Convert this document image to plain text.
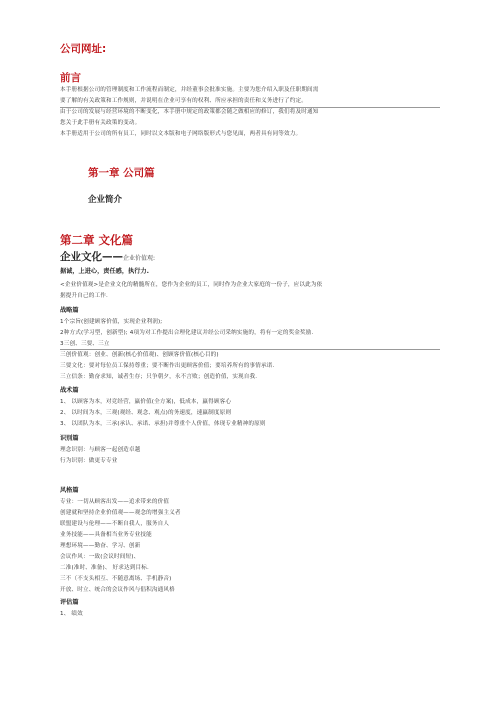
公司网址:
前言
本手册根据公司的管理制度和工作流程而制定，并经董事会批准实施。主要为您介绍入职及任职期间需
要了解的有关政策和工作规则，并说明在企业可享有的权利、所应承担的责任和义务进行了约定。
由于公司的发展与经营环境的不断变化，本手册中规定的政策都会随之做相应的修订，我们将及时通知
您关于此手册有关政策的变动。
本手册适用于公司的所有员工，同时以文本版和电子网络版形式与您见面，两者具有同等效力。
第一章 公司篇
企业简介
第二章 文化篇
企业文化——企业价值观:
据诚，上进心，责任感，执行力.
<企业价值观>是企业文化的精髓所在，您作为企业的员工，同时作为企业大家庭的一份子，应以此为依
据提升自己的工作.
战略篇
1个宗旨(创建顾客价值，实现企业利润);
2种方式(学习型，创新型); 4项为对工作提出合理化建议并经公司采纳实施的，将有一定的奖金奖励.
3三创、三要、三立
三创价值观：创业、创新(核心价值观)、创顾客价值(核心目的)
三要文化：要对每位员工保持尊重；要不断作出更顾客价值；要培养所有的事情承诺.
三立信条：勤奋求知，诚者生存；只争朝夕，永不言败；创造价值，实现自我.
战术篇
1、 以顾客为本，对竞经营，赢价值(全方案)，低成本，赢得顾客心
2、 以时间为本，三观(观经、观念、观点)的务速度，速赢制度原则
3、 以团队为本，三承(承认、承诺、承担)并尊重个人价值，体现专业精神的原则
识别篇
理念识别：与顾客一起创造卓越
行为识别：做更专专业
风格篇
专业：一切从顾客出发——追求带来的价值
创建就和坚持企业价值观——观念的增强主义者
联盟建设与伦理——不断自我人，服务自人
业务技能——具备相当业务专业技能
理想环境——勤奋、学习、创新
会议作风：一致(会议时间短)、
二准(准时、准备)、 好求达到目标.
三不（不支头相互、不随意离场、手机静音)
开放、时立、统合的会议作风与倡积沟通风格
评估篇
1、 绩效
